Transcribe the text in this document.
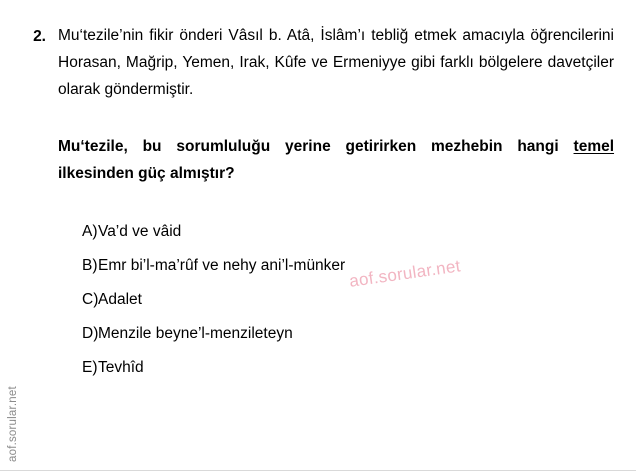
aof.sorular.net
2. Mu‘tezile’nin fikir önderi Vâsıl b. Atâ, İslâm’ı tebliğ etmek amacıyla öğrencilerini Horasan, Mağrip, Yemen, Irak, Kûfe ve Ermeniyye gibi farklı bölgelere davetçiler olarak göndermiştir.

Mu‘tezile, bu sorumluluğu yerine getirirken mezhebin hangi temel ilkesinden güç almıştır?

A) Va’d ve vâid
B) Emr bi’l-ma’rûf ve nehy ani’l-münker
C) Adalet
D) Menzile beyne’l-menzileteyn
E) Tevhîd
aof.sorular.net
